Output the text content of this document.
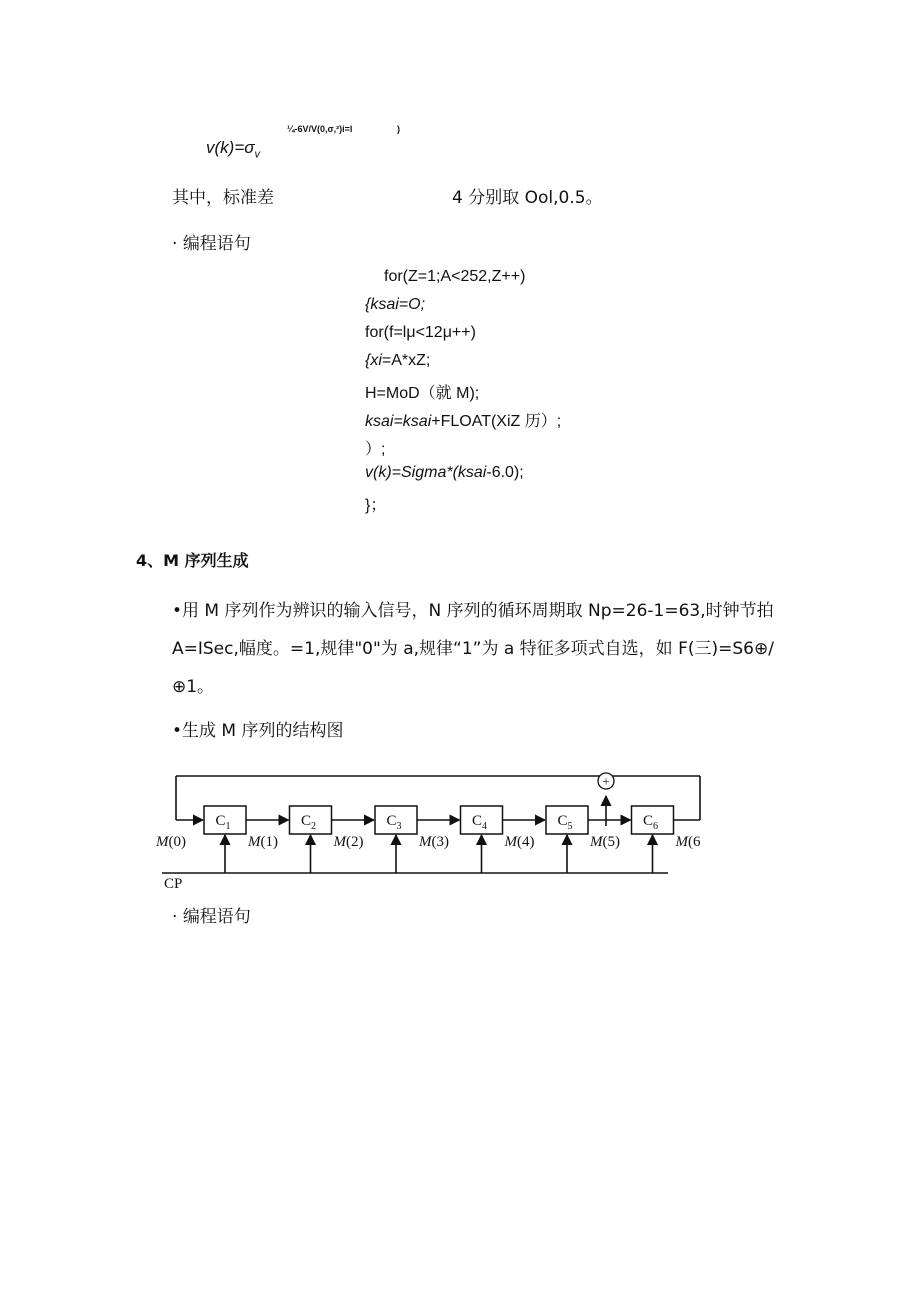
¼-6V/V(0,σ,²)i=l	)
$v(k)=\sigma_v$
其中，标准差	4 分别取 Ool,0.5。
· 编程语句
for(Z=1;A<252,Z++)
{ksai=O;
for(f=lμ<12μ++)
{xi=A*xZ;
H=MoD（就 M);
ksai=ksai+FLOAT(XiZ 历）;
）;
v(k)=Sigma*(ksai-6.0);
}；
4、M 序列生成
•用 M 序列作为辨识的输入信号，N 序列的循环周期取 Np=26-1=63,时钟节拍 A=ISec,幅度。=1,规律"0"为 a,规律“1”为 a 特征多项式自选，如 F(三)=S6⊕/⊕1。
•生成 M 序列的结构图
$C_1$	$C_2$	$C_3$	$C_4$	$C_5$	$C_6$
M(0)	M(1)	M(2)	M(3)	M(4)	M(5)	M(6
+
CP
· 编程语句
